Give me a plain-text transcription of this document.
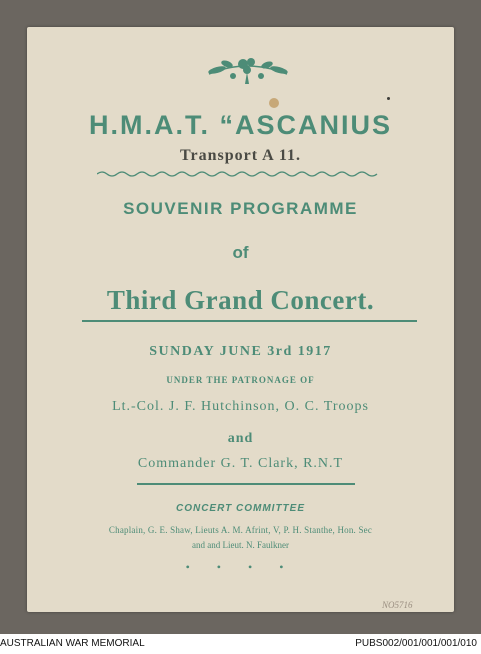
H.M.A.T. “ASCANIUS
Transport A 11.
SOUVENIR PROGRAMME
of
Third Grand Concert.
SUNDAY JUNE 3rd 1917
UNDER THE PATRONAGE OF
Lt.-Col. J. F. Hutchinson, O. C. Troops
and
Commander G. T. Clark, R.N.T
CONCERT COMMITTEE
Chaplain, G. E. Shaw, Lieuts A. M. Afrint, V, P. H. Stanthe, Hon. Sec
and and Lieut. N. Faulkner
• • • •
NO5716
AUSTRALIAN WAR MEMORIAL	PUBS002/001/001/001/010
